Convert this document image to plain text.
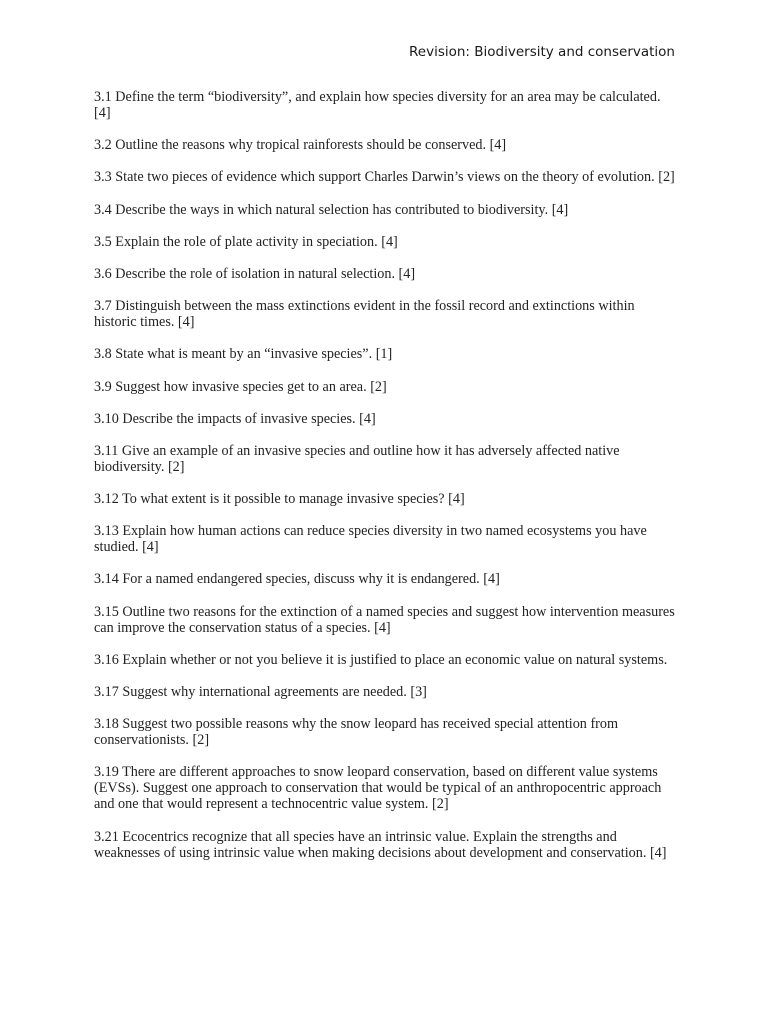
Revision: Biodiversity and conservation

3.1 Define the term “biodiversity”, and explain how species diversity for an area may be calculated. [4]

3.2 Outline the reasons why tropical rainforests should be conserved. [4]

3.3 State two pieces of evidence which support Charles Darwin’s views on the theory of evolution. [2]

3.4 Describe the ways in which natural selection has contributed to biodiversity. [4]

3.5 Explain the role of plate activity in speciation. [4]

3.6 Describe the role of isolation in natural selection. [4]

3.7 Distinguish between the mass extinctions evident in the fossil record and extinctions within historic times. [4]

3.8 State what is meant by an “invasive species”. [1]

3.9 Suggest how invasive species get to an area. [2]

3.10 Describe the impacts of invasive species. [4]

3.11 Give an example of an invasive species and outline how it has adversely affected native biodiversity. [2]

3.12 To what extent is it possible to manage invasive species? [4]

3.13 Explain how human actions can reduce species diversity in two named ecosystems you have studied. [4]

3.14 For a named endangered species, discuss why it is endangered. [4]

3.15 Outline two reasons for the extinction of a named species and suggest how intervention measures can improve the conservation status of a species. [4]

3.16 Explain whether or not you believe it is justified to place an economic value on natural systems.

3.17 Suggest why international agreements are needed. [3]

3.18 Suggest two possible reasons why the snow leopard has received special attention from conservationists. [2]

3.19 There are different approaches to snow leopard conservation, based on different value systems (EVSs). Suggest one approach to conservation that would be typical of an anthropocentric approach and one that would represent a technocentric value system. [2]

3.21 Ecocentrics recognize that all species have an intrinsic value. Explain the strengths and weaknesses of using intrinsic value when making decisions about development and conservation. [4]
